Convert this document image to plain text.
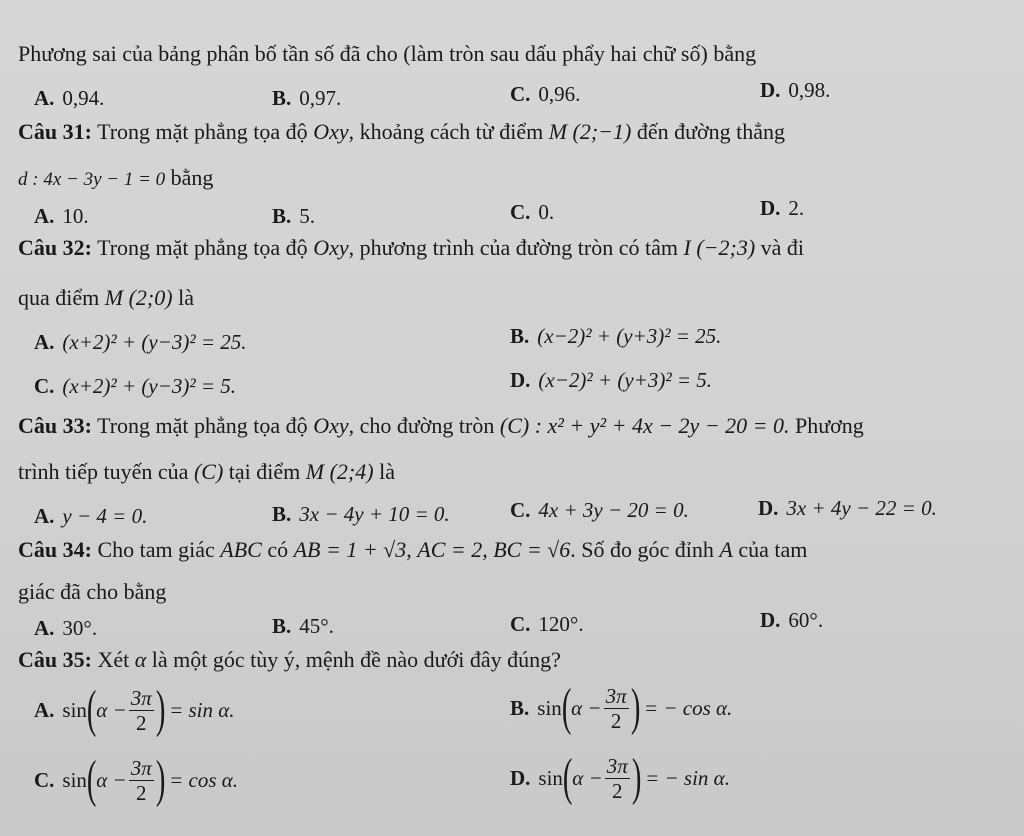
Phương sai của bảng phân bố tần số đã cho (làm tròn sau dấu phẩy hai chữ số) bằng
A. 0,94.	B. 0,97.	C. 0,96.	D. 0,98.
Câu 31: Trong mặt phẳng tọa độ Oxy, khoảng cách từ điểm M (2;−1) đến đường thẳng
d : 4x − 3y − 1 = 0 bằng
A. 10.	B. 5.	C. 0.	D. 2.
Câu 32: Trong mặt phẳng tọa độ Oxy, phương trình của đường tròn có tâm I (−2;3) và đi
qua điểm M (2;0) là
A. (x+2)² + (y−3)² = 25.	B. (x−2)² + (y+3)² = 25.
C. (x+2)² + (y−3)² = 5.	D. (x−2)² + (y+3)² = 5.
Câu 33: Trong mặt phẳng tọa độ Oxy, cho đường tròn (C) : x² + y² + 4x − 2y − 20 = 0. Phương
trình tiếp tuyến của (C) tại điểm M (2;4) là
A. y − 4 = 0.	B. 3x − 4y + 10 = 0.	C. 4x + 3y − 20 = 0.	D. 3x + 4y − 22 = 0.
Câu 34: Cho tam giác ABC có AB = 1 + √3, AC = 2, BC = √6. Số đo góc đỉnh A của tam
giác đã cho bằng
A. 30°.	B. 45°.	C. 120°.	D. 60°.
Câu 35: Xét α là một góc tùy ý, mệnh đề nào dưới đây đúng?
A. sin ( $\alpha - \frac{3\pi}{2}$ ) = sin α.	B. sin ( $\alpha - \frac{3\pi}{2}$ ) = − cos α.
C. sin ( $\alpha - \frac{3\pi}{2}$ ) = cos α.	D. sin ( $\alpha - \frac{3\pi}{2}$ ) = − sin α.
